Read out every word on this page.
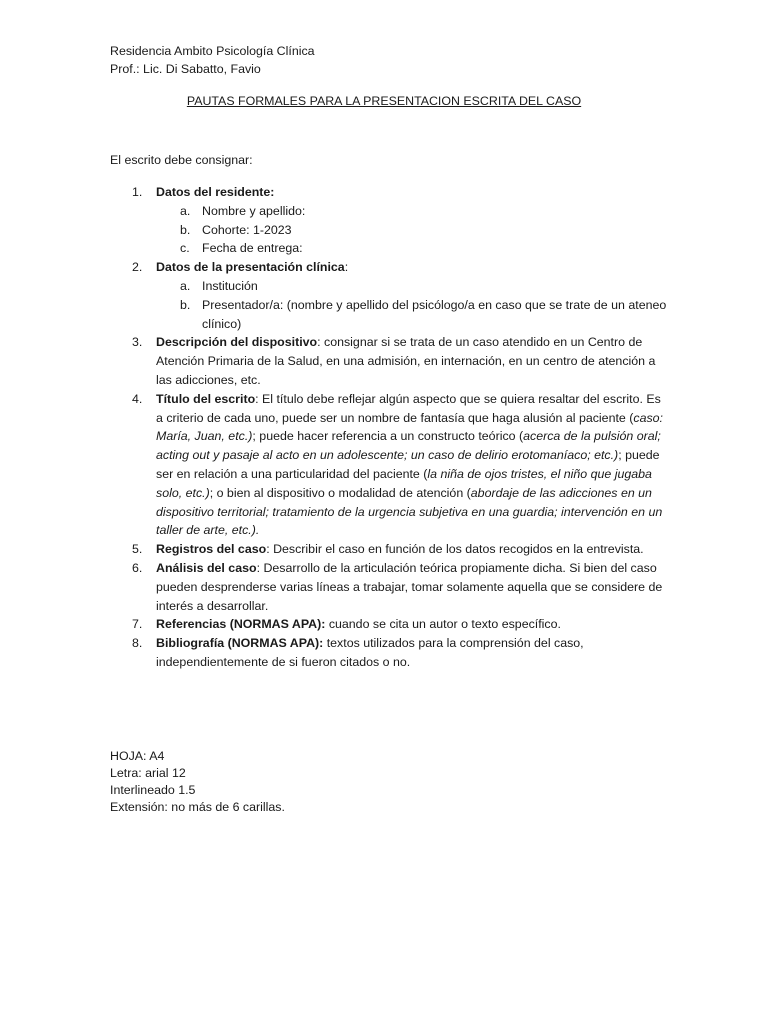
Residencia Ambito Psicología Clínica
Prof.: Lic. Di Sabatto, Favio
PAUTAS FORMALES PARA LA PRESENTACION ESCRITA DEL CASO
El escrito debe consignar:
1. Datos del residente:
a. Nombre y apellido:
b. Cohorte: 1-2023
c. Fecha de entrega:
2. Datos de la presentación clínica:
a. Institución
b. Presentador/a: (nombre y apellido del psicólogo/a en caso que se trate de un ateneo clínico)
3. Descripción del dispositivo: consignar si se trata de un caso atendido en un Centro de Atención Primaria de la Salud, en una admisión, en internación, en un centro de atención a las adicciones, etc.
4. Título del escrito: El título debe reflejar algún aspecto que se quiera resaltar del escrito. Es a criterio de cada uno, puede ser un nombre de fantasía que haga alusión al paciente (caso: María, Juan, etc.); puede hacer referencia a un constructo teórico (acerca de la pulsión oral; acting out y pasaje al acto en un adolescente; un caso de delirio erotomaníaco; etc.); puede ser en relación a una particularidad del paciente (la niña de ojos tristes, el niño que jugaba solo, etc.); o bien al dispositivo o modalidad de atención (abordaje de las adicciones en un dispositivo territorial; tratamiento de la urgencia subjetiva en una guardia; intervención en un taller de arte, etc.).
5. Registros del caso: Describir el caso en función de los datos recogidos en la entrevista.
6. Análisis del caso: Desarrollo de la articulación teórica propiamente dicha. Si bien del caso pueden desprenderse varias líneas a trabajar, tomar solamente aquella que se considere de interés a desarrollar.
7. Referencias (NORMAS APA): cuando se cita un autor o texto específico.
8. Bibliografía (NORMAS APA): textos utilizados para la comprensión del caso, independientemente de si fueron citados o no.
HOJA: A4
Letra: arial 12
Interlineado 1.5
Extensión: no más de 6 carillas.
